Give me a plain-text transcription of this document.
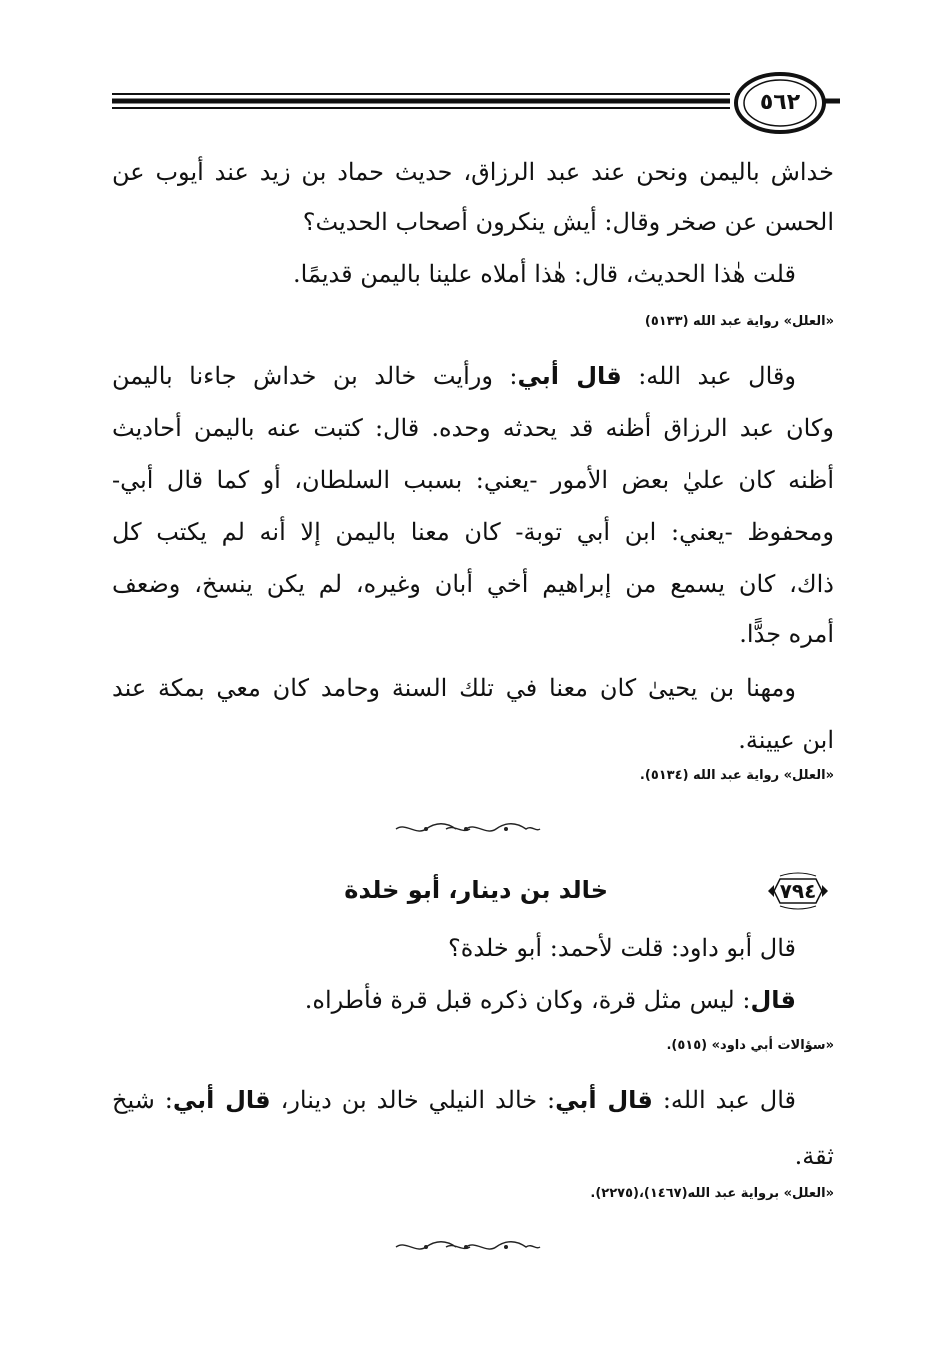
٥٦٢
خداش باليمن ونحن عند عبد الرزاق، حديث حماد بن زيد عند أيوب عن
الحسن عن صخر وقال: أيش ينكرون أصحاب الحديث؟
قلت هٰذا الحديث، قال: هٰذا أملاه علينا باليمن قديمًا.
«العلل» رواية عبد الله (٥١٣٣)
وقال عبد الله: قال أبي: ورأيت خالد بن خداش جاءنا باليمن
وكان عبد الرزاق أظنه قد يحدثه وحده. قال: كتبت عنه باليمن أحاديث
أظنه كان عليٰ بعض الأمور -يعني: بسبب السلطان، أو كما قال أبي-
ومحفوظ -يعني: ابن أبي توبة- كان معنا باليمن إلا أنه لم يكتب كل
ذاك، كان يسمع من إبراهيم أخي أبان وغيره، لم يكن ينسخ، وضعف
أمره جدًّا.
ومهنا بن يحيىٰ كان معنا في تلك السنة وحامد كان معي بمكة عند
ابن عيينة.
«العلل» رواية عبد الله (٥١٣٤).
٧٩٤
خالد بن دينار، أبو خلدة
قال أبو داود: قلت لأحمد: أبو خلدة؟
قال: ليس مثل قرة، وكان ذكره قبل قرة فأطراه.
«سؤالات أبي داود» (٥١٥).
قال عبد الله: قال أبي: خالد النيلي خالد بن دينار، قال أبي: شيخ
ثقة.
«العلل» برواية عبد الله(١٤٦٧)،(٢٢٧٥).
